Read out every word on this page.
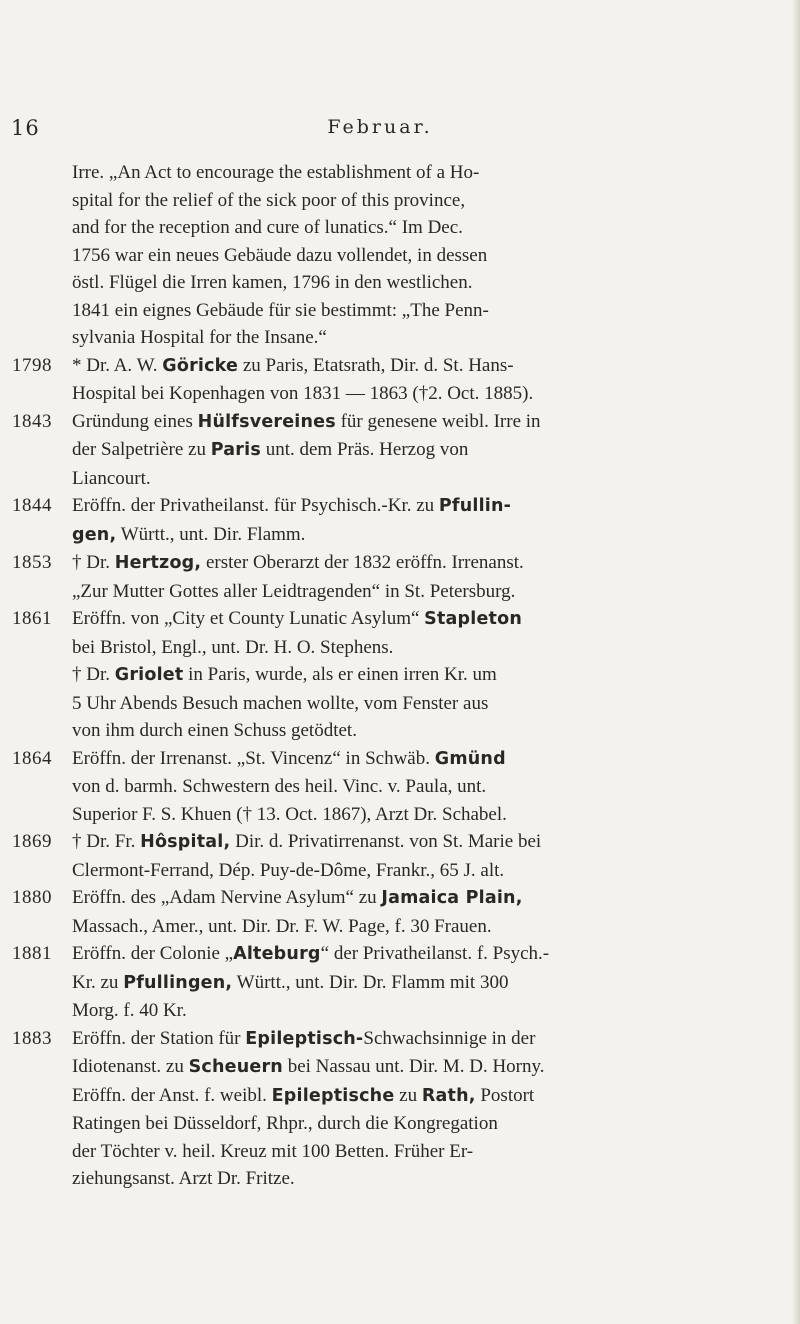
16	Februar.
Irre. „An Act to encourage the establishment of a Ho-
spital for the relief of the sick poor of this province,
and for the reception and cure of lunatics.“ Im Dec.
1756 war ein neues Gebäude dazu vollendet, in dessen
östl. Flügel die Irren kamen, 1796 in den westlichen.
1841 ein eignes Gebäude für sie bestimmt: „The Penn-
sylvania Hospital for the Insane.“
1798 * Dr. A. W. Göricke zu Paris, Etatsrath, Dir. d. St. Hans-
Hospital bei Kopenhagen von 1831 — 1863 (†2. Oct. 1885).
1843 Gründung eines Hülfsvereines für genesene weibl. Irre in
der Salpetrière zu Paris unt. dem Präs. Herzog von
Liancourt.
1844 Eröffn. der Privatheilanst. für Psychisch.-Kr. zu Pfullin-
gen, Württ., unt. Dir. Flamm.
1853 † Dr. Hertzog, erster Oberarzt der 1832 eröffn. Irrenanst.
„Zur Mutter Gottes aller Leidtragenden“ in St. Petersburg.
1861 Eröffn. von „City et County Lunatic Asylum“ Stapleton
bei Bristol, Engl., unt. Dr. H. O. Stephens.
† Dr. Griolet in Paris, wurde, als er einen irren Kr. um
5 Uhr Abends Besuch machen wollte, vom Fenster aus
von ihm durch einen Schuss getödtet.
1864 Eröffn. der Irrenanst. „St. Vincenz“ in Schwäb. Gmünd
von d. barmh. Schwestern des heil. Vinc. v. Paula, unt.
Superior F. S. Khuen († 13. Oct. 1867), Arzt Dr. Schabel.
1869 † Dr. Fr. Hôspital, Dir. d. Privatirrenanst. von St. Marie bei
Clermont-Ferrand, Dép. Puy-de-Dôme, Frankr., 65 J. alt.
1880 Eröffn. des „Adam Nervine Asylum“ zu Jamaica Plain,
Massach., Amer., unt. Dir. Dr. F. W. Page, f. 30 Frauen.
1881 Eröffn. der Colonie „Alteburg“ der Privatheilanst. f. Psych.-
Kr. zu Pfullingen, Württ., unt. Dir. Dr. Flamm mit 300
Morg. f. 40 Kr.
1883 Eröffn. der Station für Epileptisch-Schwachsinnige in der
Idiotenanst. zu Scheuern bei Nassau unt. Dir. M. D. Horny.
Eröffn. der Anst. f. weibl. Epileptische zu Rath, Postort
Ratingen bei Düsseldorf, Rhpr., durch die Kongregation
der Töchter v. heil. Kreuz mit 100 Betten. Früher Er-
ziehungsanst. Arzt Dr. Fritze.
